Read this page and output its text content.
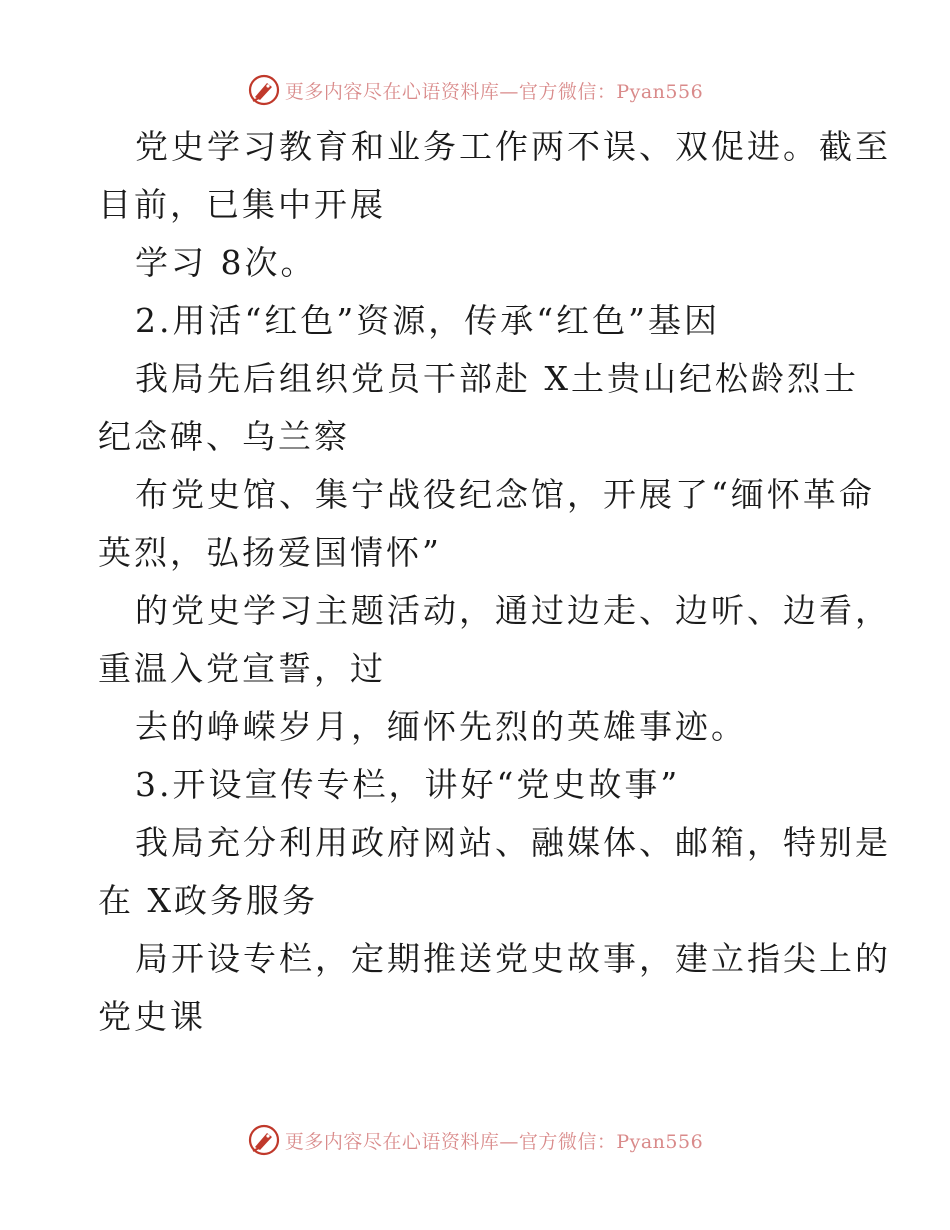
更多内容尽在心语资料库—官方微信：Pyan556
党史学习教育和业务工作两不误、双促进。截至
目前，已集中开展
学习 8次。
2.用活“红色”资源，传承“红色”基因
我局先后组织党员干部赴 X土贵山纪松龄烈士
纪念碑、乌兰察
布党史馆、集宁战役纪念馆，开展了“缅怀革命
英烈，弘扬爱国情怀”
的党史学习主题活动，通过边走、边听、边看，
重温入党宣誓，过
去的峥嵘岁月，缅怀先烈的英雄事迹。
3.开设宣传专栏，讲好“党史故事”
我局充分利用政府网站、融媒体、邮箱，特别是
在 X政务服务
局开设专栏，定期推送党史故事，建立指尖上的
党史课
更多内容尽在心语资料库—官方微信：Pyan556
